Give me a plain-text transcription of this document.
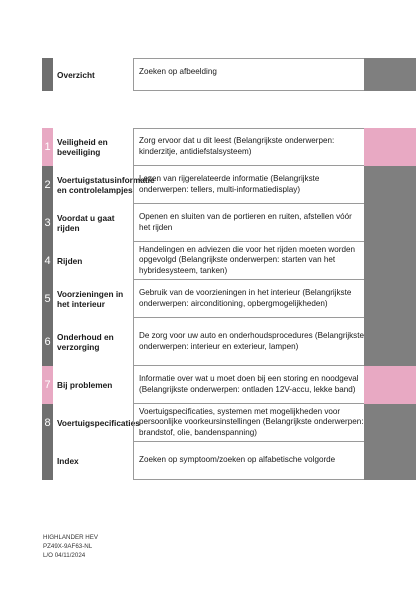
Overzicht	Zoeken op afbeelding
1 Veiligheid en beveiliging
Zorg ervoor dat u dit leest (Belangrijkste onderwerpen: kinderzitje, antidiefstalsysteem)
2 Voertuigstatusinformatie en controlelampjes
Lezen van rijgerelateerde informatie (Belangrijkste onderwerpen: tellers, multi-informatiedisplay)
3 Voordat u gaat rijden
Openen en sluiten van de portieren en ruiten, afstellen vóór het rijden
4 Rijden
Handelingen en adviezen die voor het rijden moeten worden opgevolgd (Belangrijkste onderwerpen: starten van het hybridesysteem, tanken)
5 Voorzieningen in het interieur
Gebruik van de voorzieningen in het interieur (Belangrijkste onderwerpen: airconditioning, opbergmogelijkheden)
6 Onderhoud en verzorging
De zorg voor uw auto en onderhoudsprocedures (Belangrijkste onderwerpen: interieur en exterieur, lampen)
7 Bij problemen
Informatie over wat u moet doen bij een storing en noodgeval (Belangrijkste onderwerpen: ontladen 12V-accu, lekke band)
8 Voertuigspecificaties
Voertuigspecificaties, systemen met mogelijkheden voor persoonlijke voorkeursinstellingen (Belangrijkste onderwerpen: brandstof, olie, bandenspanning)
Index	Zoeken op symptoom/zoeken op alfabetische volgorde
HIGHLANDER HEV
PZ49X-9AF63-NL
L/O 04/11/2024
